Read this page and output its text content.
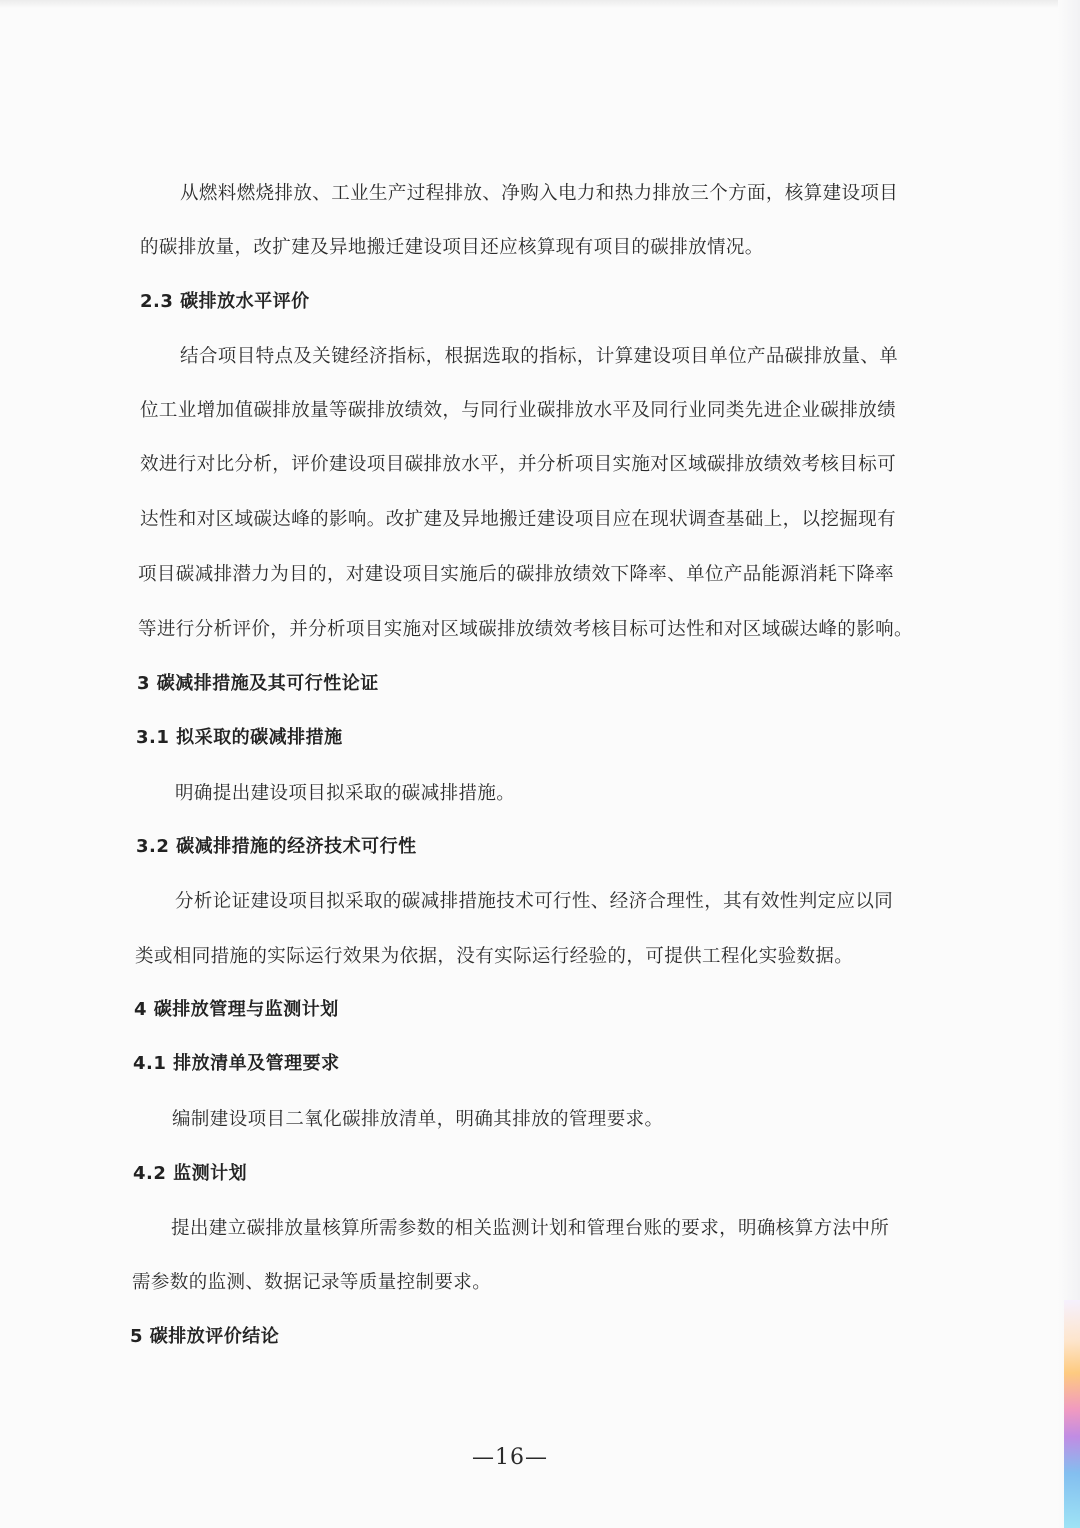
从燃料燃烧排放、工业生产过程排放、净购入电力和热力排放三个方面，核算建设项目
的碳排放量，改扩建及异地搬迁建设项目还应核算现有项目的碳排放情况。
2.3 碳排放水平评价
结合项目特点及关键经济指标，根据选取的指标，计算建设项目单位产品碳排放量、单
位工业增加值碳排放量等碳排放绩效，与同行业碳排放水平及同行业同类先进企业碳排放绩
效进行对比分析，评价建设项目碳排放水平，并分析项目实施对区域碳排放绩效考核目标可
达性和对区域碳达峰的影响。改扩建及异地搬迁建设项目应在现状调查基础上，以挖掘现有
项目碳减排潜力为目的，对建设项目实施后的碳排放绩效下降率、单位产品能源消耗下降率
等进行分析评价，并分析项目实施对区域碳排放绩效考核目标可达性和对区域碳达峰的影响。
3 碳减排措施及其可行性论证
3.1 拟采取的碳减排措施
明确提出建设项目拟采取的碳减排措施。
3.2 碳减排措施的经济技术可行性
分析论证建设项目拟采取的碳减排措施技术可行性、经济合理性，其有效性判定应以同
类或相同措施的实际运行效果为依据，没有实际运行经验的，可提供工程化实验数据。
4 碳排放管理与监测计划
4.1 排放清单及管理要求
编制建设项目二氧化碳排放清单，明确其排放的管理要求。
4.2 监测计划
提出建立碳排放量核算所需参数的相关监测计划和管理台账的要求，明确核算方法中所
需参数的监测、数据记录等质量控制要求。
5 碳排放评价结论
—16—
